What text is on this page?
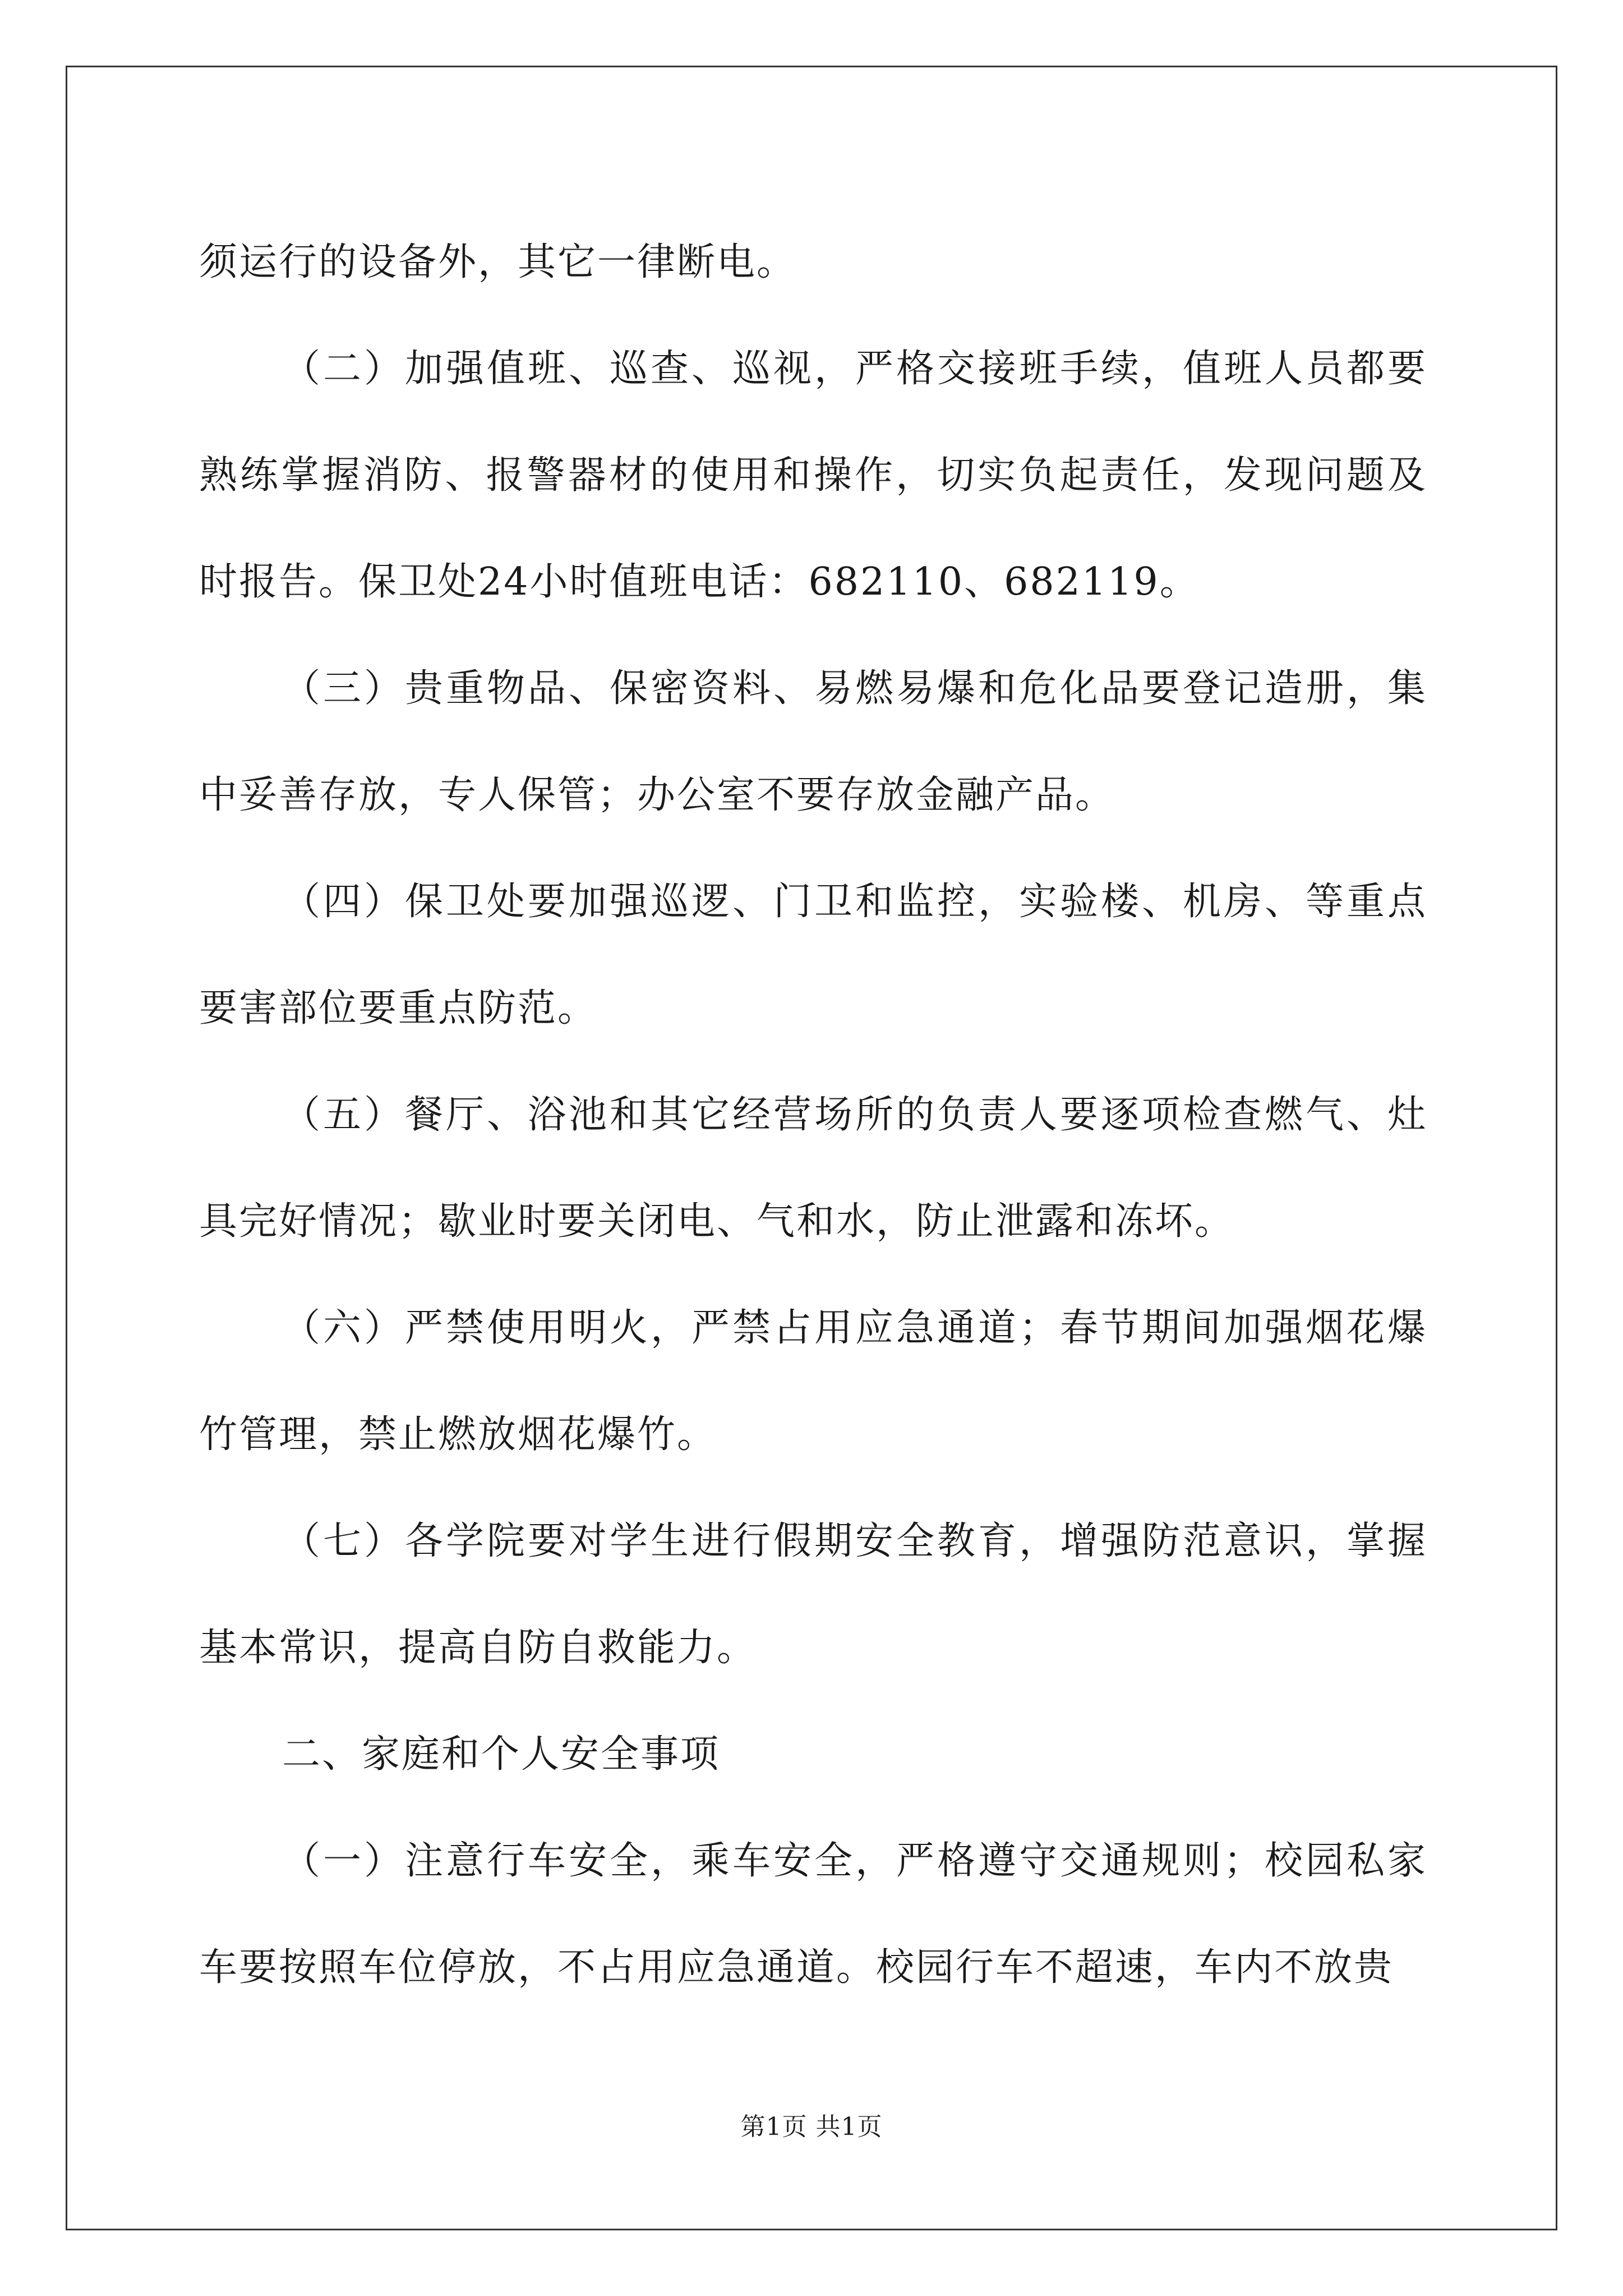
须运行的设备外，其它一律断电。

（二）加强值班、巡查、巡视，严格交接班手续，值班人员都要熟练掌握消防、报警器材的使用和操作，切实负起责任，发现问题及时报告。保卫处24小时值班电话：682110、682119。

（三）贵重物品、保密资料、易燃易爆和危化品要登记造册，集中妥善存放，专人保管；办公室不要存放金融产品。

（四）保卫处要加强巡逻、门卫和监控，实验楼、机房、等重点要害部位要重点防范。

（五）餐厅、浴池和其它经营场所的负责人要逐项检查燃气、灶具完好情况；歇业时要关闭电、气和水，防止泄露和冻坏。

（六）严禁使用明火，严禁占用应急通道；春节期间加强烟花爆竹管理，禁止燃放烟花爆竹。

（七）各学院要对学生进行假期安全教育，增强防范意识，掌握基本常识，提高自防自救能力。

二、家庭和个人安全事项

（一）注意行车安全，乘车安全，严格遵守交通规则；校园私家车要按照车位停放，不占用应急通道。校园行车不超速，车内不放贵

第1页 共1页
